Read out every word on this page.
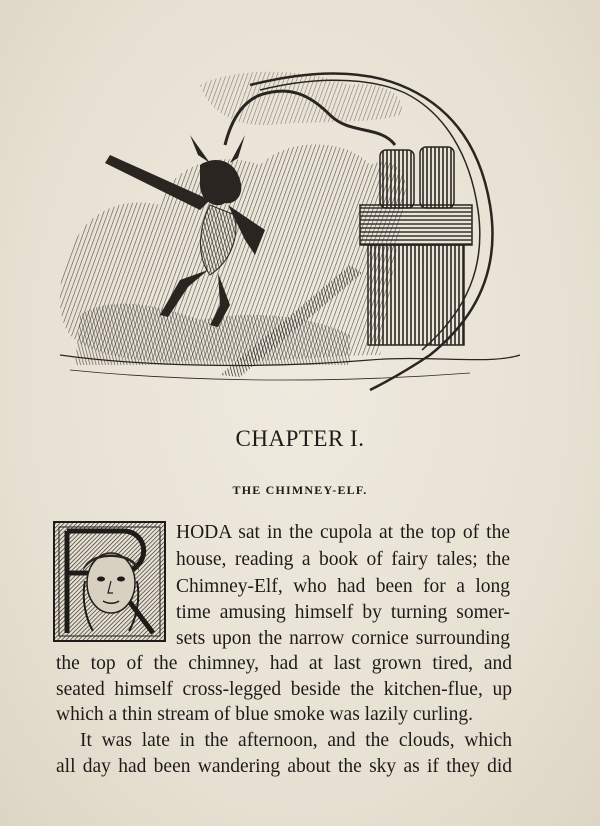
CHAPTER I.
THE CHIMNEY-ELF.
HODA sat in the cupola at the top of the
house, reading a book of fairy tales; the
Chimney-Elf, who had been for a long
time amusing himself by turning somer-
sets upon the narrow cornice surrounding
the top of the chimney, had at last grown tired, and
seated himself cross-legged beside the kitchen-flue, up
which a thin stream of blue smoke was lazily curling.
It was late in the afternoon, and the clouds, which
all day had been wandering about the sky as if they did
